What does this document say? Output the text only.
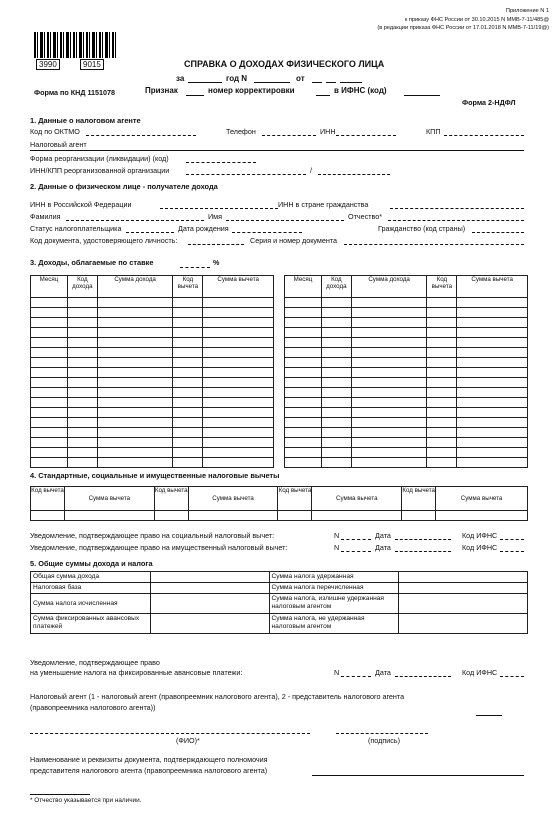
Приложение N 1
к приказу ФНС России от 30.10.2015 N ММВ-7-11/485@
(в редакции приказа ФНС России от 17.01.2018 N ММВ-7-11/19@)
3990	9015	СПРАВКА О ДОХОДАХ ФИЗИЧЕСКОГО ЛИЦА
за	год N	от
Форма по КНД 1151078	Признак	номер корректировки	в ИФНС (код)
Форма 2-НДФЛ
1. Данные о налоговом агенте
Код по ОКТМО	Телефон	ИНН	КПП
Налоговый агент
Форма реорганизации (ликвидации) (код)
ИНН/КПП реорганизованной организации	/
2. Данные о физическом лице - получателе дохода
ИНН в Российской Федерации	ИНН в стране гражданства
Фамилия	Имя	Отчество*
Статус налогоплательщика	Дата рождения	Гражданство (код страны)
Код документа, удостоверяющего личность:	Серия и номер документа
3. Доходы, облагаемые по ставке	%
Месяц	Код дохода	Сумма дохода	Код вычета	Сумма вычета

					Месяц	Код дохода	Сумма дохода	Код вычета	Сумма вычета

4. Стандартные, социальные и имущественные налоговые вычеты
Код вычета	Сумма вычета	Код вычета	Сумма вычета	Код вычета	Сумма вычета	Код вычета	Сумма вычета

Уведомление, подтверждающее право на социальный налоговый вычет:	N	Дата	Код ИФНС
Уведомление, подтверждающее право на имущественный налоговый вычет:	N	Дата	Код ИФНС
5. Общие суммы дохода и налога
Общая сумма дохода		Сумма налога удержанная	
Налоговая база		Сумма налога перечисленная	
Сумма налога исчисленная		Сумма налога, излишне удержанная налоговым агентом	
Сумма фиксированных авансовых платежей		Сумма налога, не удержанная налоговым агентом	
Уведомление, подтверждающее право
на уменьшение налога на фиксированные авансовые платежи:	N	Дата	Код ИФНС
Налоговый агент (1 - налоговый агент (правопреемник налогового агента), 2 - представитель налогового агента
(правопреемника налогового агента))
(ФИО)*	(подпись)
Наименование и реквизиты документа, подтверждающего полномочия
представителя налогового агента (правопреемника налогового агента)
* Отчество указывается при наличии.
